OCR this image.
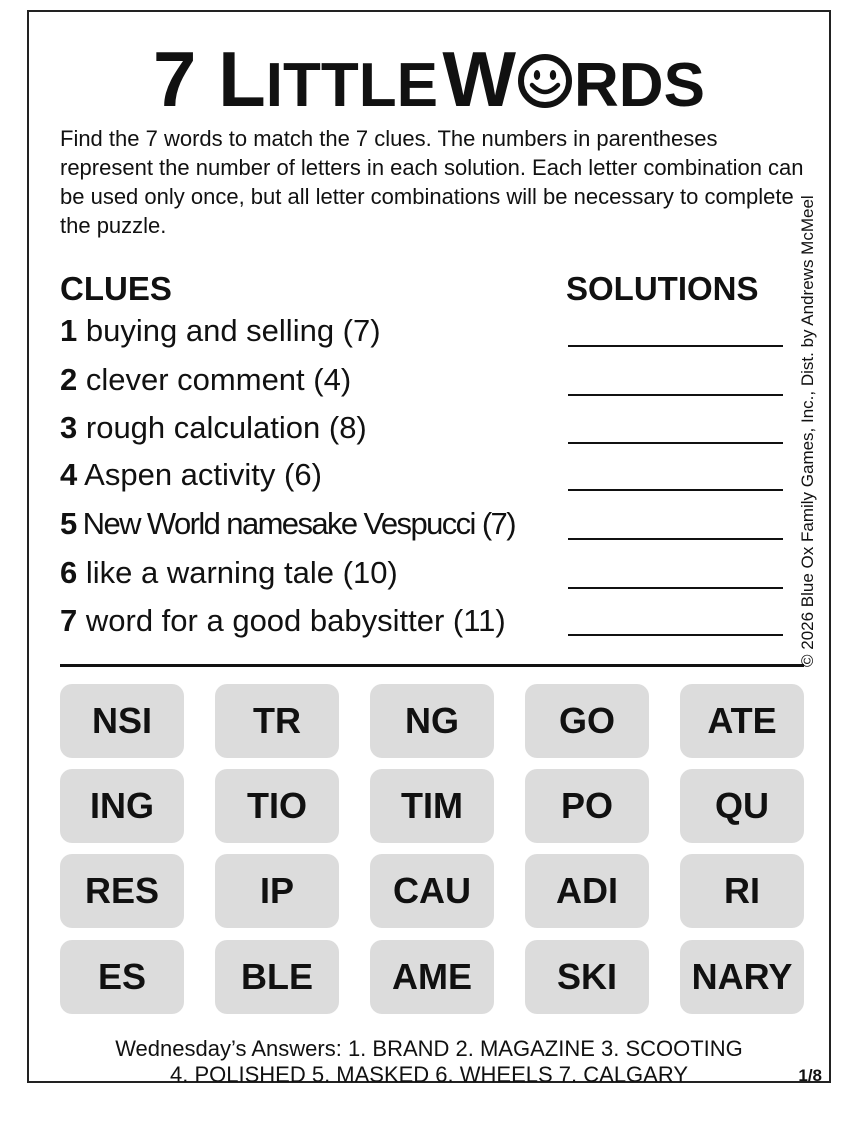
7 LITTLE W RDS
Find the 7 words to match the 7 clues. The numbers in parentheses represent the number of letters in each solution. Each letter combination can be used only once, but all letter combinations will be necessary to complete the puzzle.	© 2026 Blue Ox Family Games, Inc., Dist. by Andrews McMeel
CLUES	SOLUTIONS
1 buying and selling (7)
2 clever comment (4)
3 rough calculation (8)
4 Aspen activity (6)
5 New World namesake Vespucci (7)
6 like a warning tale (10)
7 word for a good babysitter (11)
NSI	TR	NG	GO	ATE
ING	TIO	TIM	PO	QU
RES	IP	CAU	ADI	RI
ES	BLE	AME	SKI	NARY
Wednesday’s Answers: 1. BRAND 2. MAGAZINE 3. SCOOTING
4. POLISHED 5. MASKED 6. WHEELS 7. CALGARY	1/8
